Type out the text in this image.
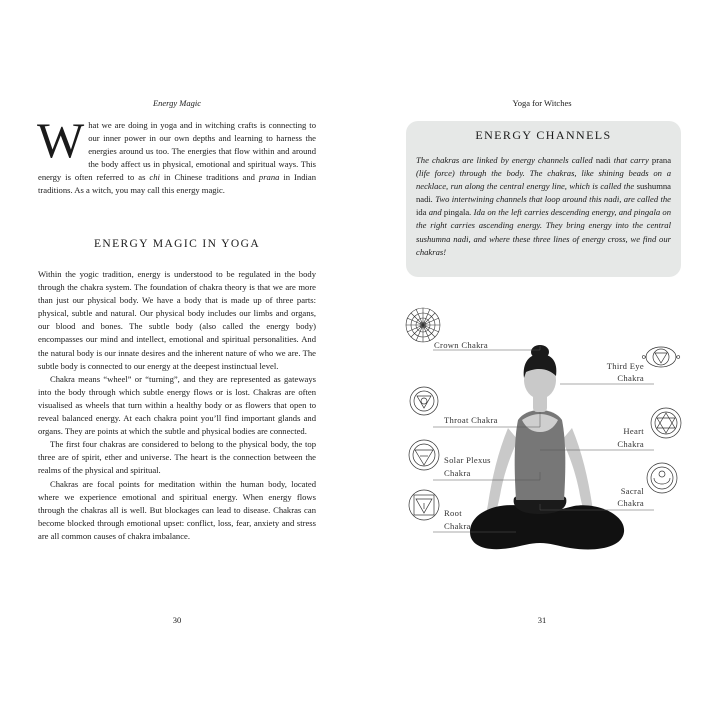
Energy Magic

What we are doing in yoga and in witching crafts is connecting to our inner power in our own depths and learning to harness the energies around us too. The energies that flow within and around the body affect us in physical, emotional and spiritual ways. This energy is often referred to as chi in Chinese traditions and prana in Indian traditions. As a witch, you may call this energy magic.

ENERGY MAGIC IN YOGA

Within the yogic tradition, energy is understood to be regulated in the body through the chakra system. The foundation of chakra theory is that we are more than just our physical body. We have a body that is made up of three parts: physical, subtle and natural. Our physical body includes our limbs and organs, our blood and bones. The subtle body (also called the energy body) encompasses our mind and intellect, emotional and spiritual personalities. And the natural body is our innate desires and the inherent nature of who we are. The subtle body is connected to our energy at the deepest instinctual level.

Chakra means “wheel” or “turning”, and they are represented as gateways into the body through which subtle energy flows or is lost. Chakras are often visualised as wheels that turn within a healthy body or as flowers that open to reveal balanced energy. At each chakra point you’ll find important glands and organs. They are points at which the subtle and physical bodies are connected.

The first four chakras are considered to belong to the physical body, the top three are of spirit, ether and universe. The heart is the connection between the realms of the physical and spiritual.

Chakras are focal points for meditation within the human body, located where we experience emotional and spiritual energy. When energy flows through the chakras all is well. But blockages can lead to disease. Chakras can become blocked through emotional upset: conflict, loss, fear, anxiety and stress are all common causes of chakra imbalance.

30
Yoga for Witches
31
ENERGY CHANNELS

The chakras are linked by energy channels called nadi that carry prana (life force) through the body. The chakras, like shining beads on a necklace, run along the central energy line, which is called the sushumna nadi. Two intertwining channels that loop around this nadi, are called the ida and pingala. Ida on the left carries descending energy, and pingala on the right carries ascending energy. They bring energy into the central sushumna nadi, and where these three lines of energy cross, we find our chakras!

Crown Chakra
Third Eye
Chakra
Throat Chakra
Heart
Chakra
Solar Plexus
Chakra
Sacral
Chakra
Root
Chakra
